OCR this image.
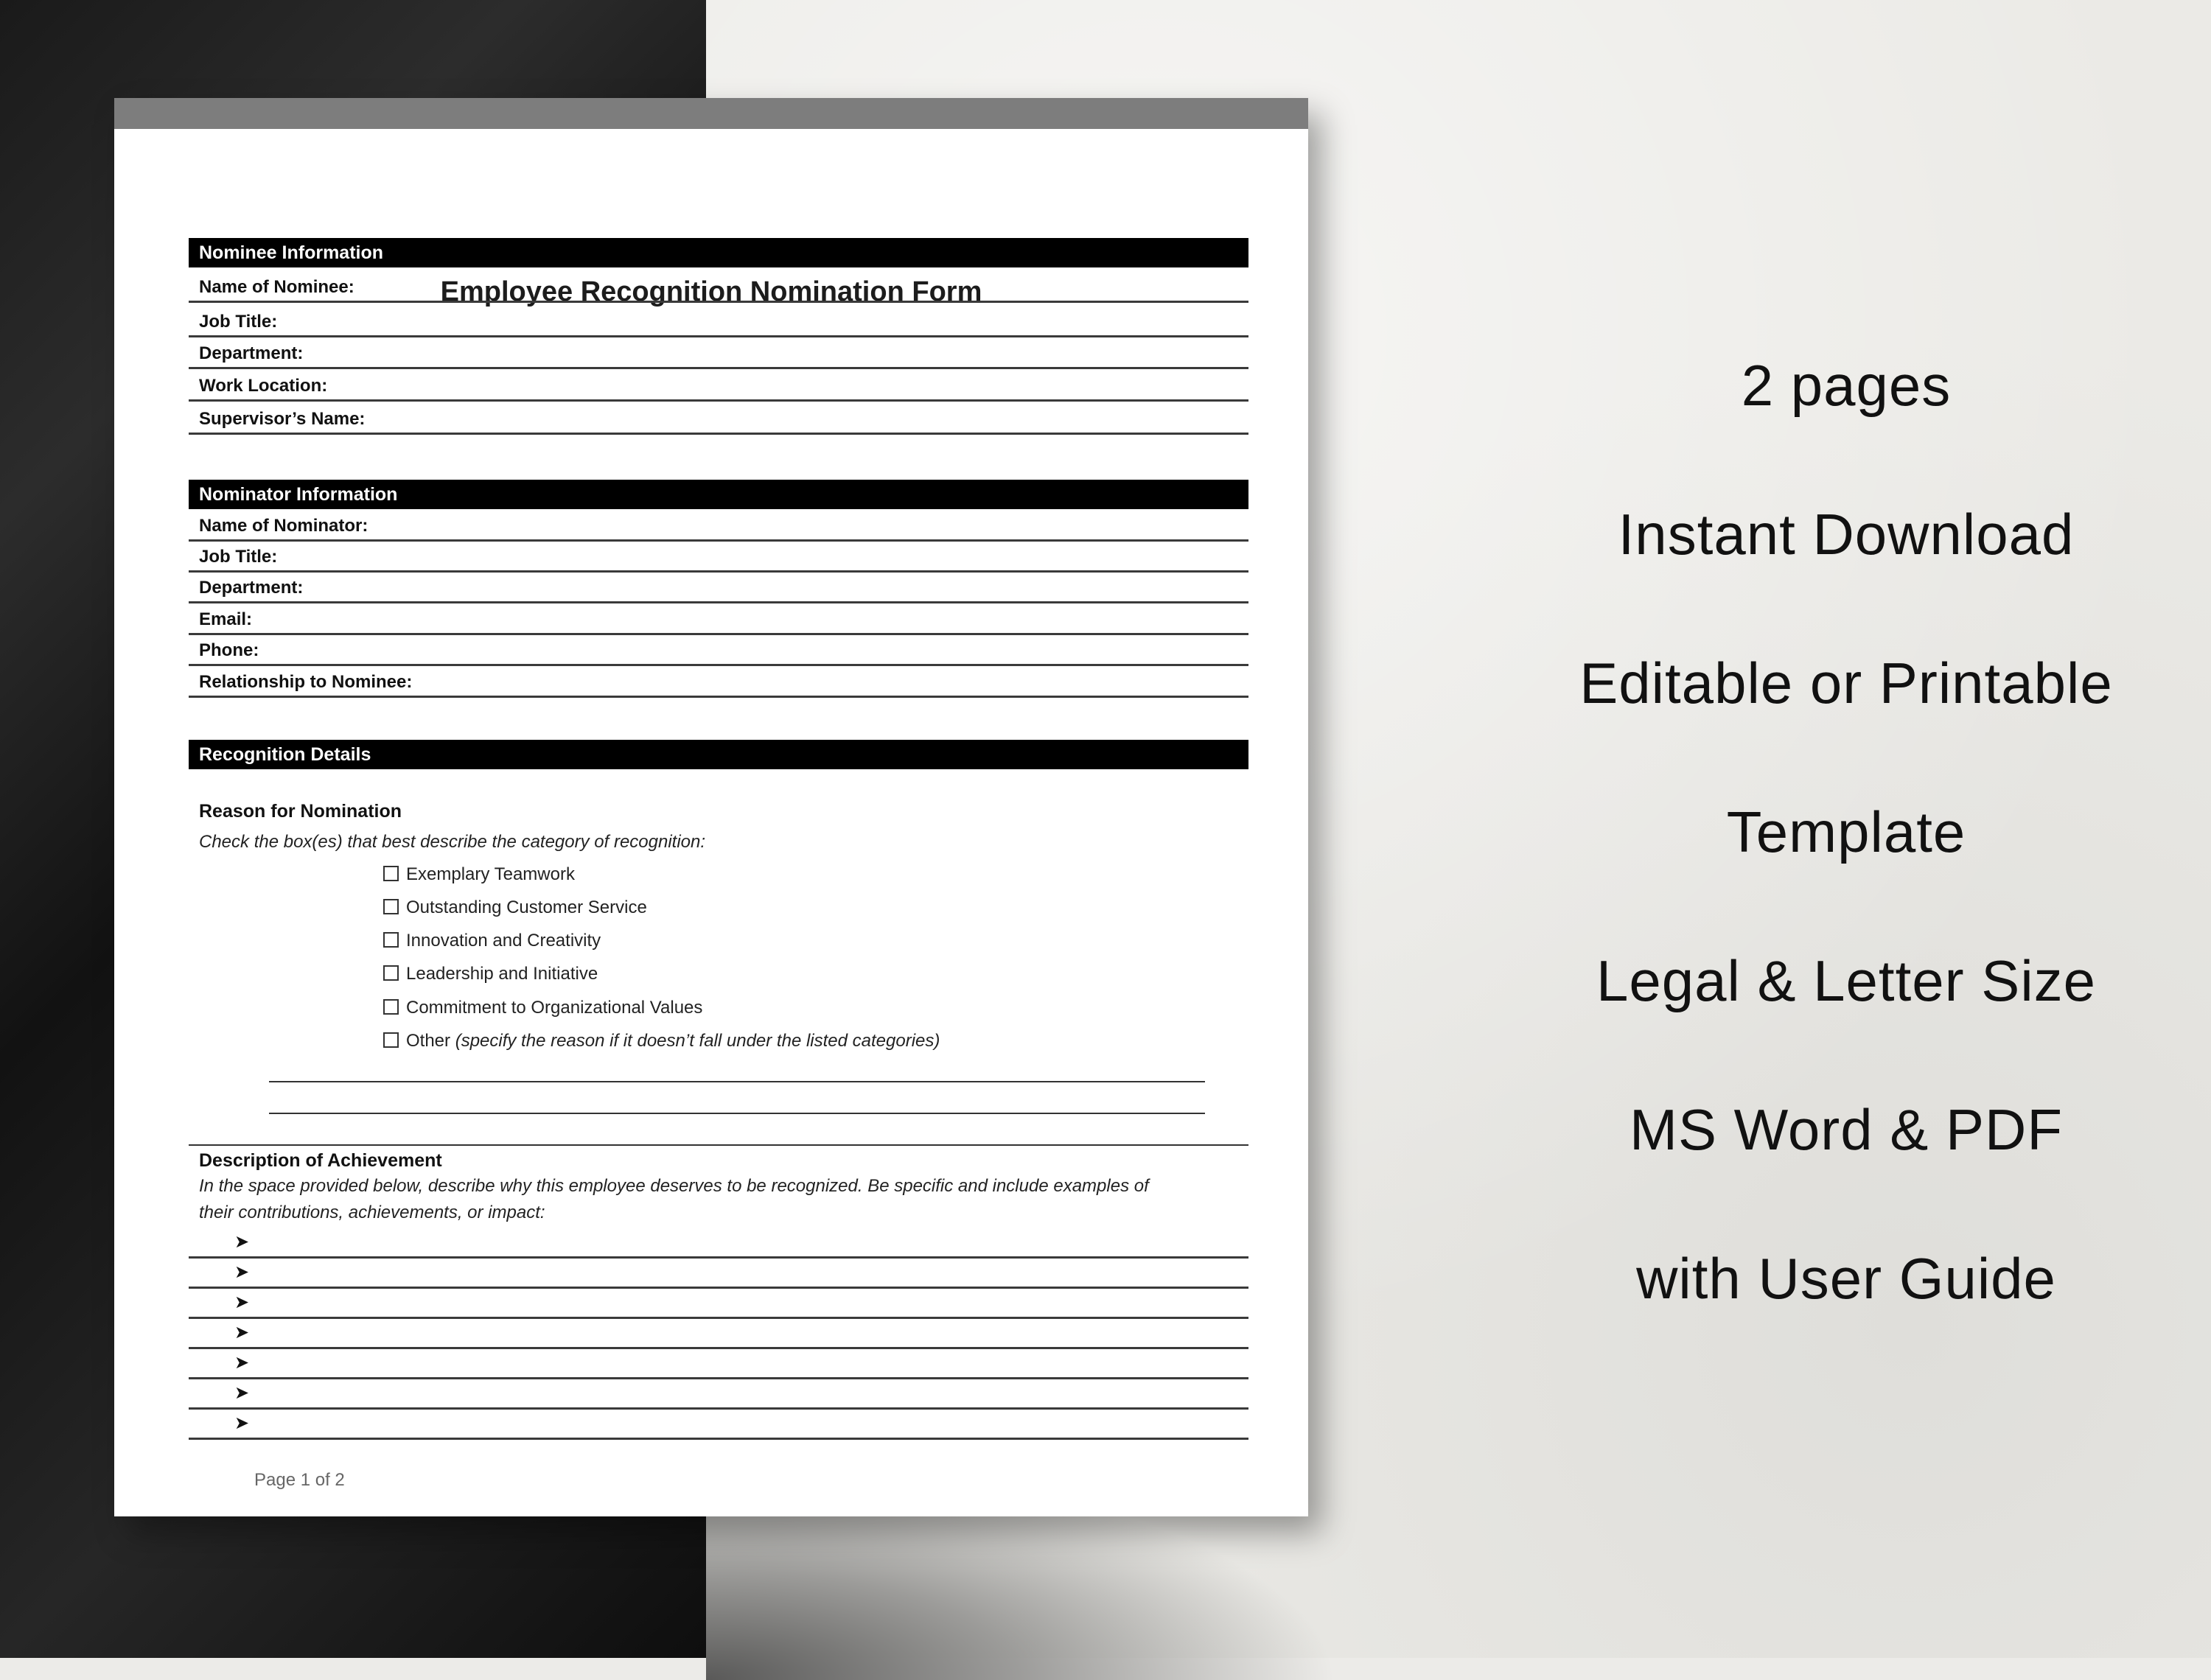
Employee Recognition Nomination Form
Nominee Information
Name of Nominee:
Job Title:
Department:
Work Location:
Supervisor’s Name:
Nominator Information
Name of Nominator:
Job Title:
Department:
Email:
Phone:
Relationship to Nominee:
Recognition Details
Reason for Nomination
Check the box(es) that best describe the category of recognition:
Exemplary Teamwork
Outstanding Customer Service
Innovation and Creativity
Leadership and Initiative
Commitment to Organizational Values
Other (specify the reason if it doesn’t fall under the listed categories)
Description of Achievement
In the space provided below, describe why this employee deserves to be recognized. Be specific and include examples of
their contributions, achievements, or impact:
➤
➤
➤
➤
➤
➤
➤
Page 1 of 2
2 pages
Instant Download
Editable or Printable
Template
Legal & Letter Size
MS Word & PDF
with User Guide
